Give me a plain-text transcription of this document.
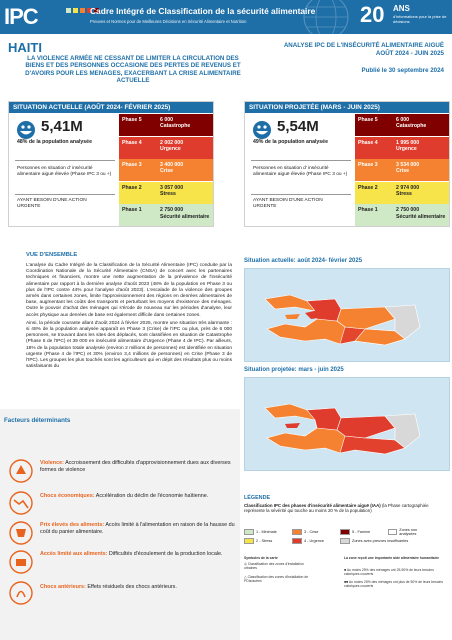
IPC	Cadre Intégré de Classification de la sécurité alimentaire
Preuves et Normes pour de Meilleures Décisions en Sécurité Alimentaire et Nutrition	20 ANS
d'informations pour la prise de décisions
HAITI
LA VIOLENCE ARMÉE NE CESSANT DE LIMITER LA CIRCULATION DES BIENS ET DES PERSONNES OCCASIONE DES PERTES DE REVENUS ET D'AVOIRS POUR LES MENAGES, EXACERBANT LA CRISE ALIMENTAIRE ACTUELLE
ANALYSE IPC DE L'INSÉCURITÉ ALIMENTAIRE AIGUË
AOÛT 2024 - JUIN 2025
Publié le 30 septembre 2024
SITUATION ACTUELLE (AOÛT 2024- FÉVRIER 2025)
5,41M
48% de la population analysée
Personnes en situation d' insécurité alimentaire aiguë élevée (Phase IPC 3 ou +)
AYANT BESOIN D'UNE ACTION URGENTE
Phase 5	6 000
Catastrophe
Phase 4	2 002 000
Urgence
Phase 3	3 400 000
Crise
Phase 2	3 057 000
Stress
Phase 1	2 750 000
Sécurité alimentaire
SITUATION PROJETÉE (MARS - JUIN 2025)
5,54M
49% de la population analysée
Personnes en situation d' insécurité alimentaire aiguë élevée (Phase IPC 3 ou +)
AYANT BESOIN D'UNE ACTION URGENTE
Phase 5	6 000
Catastrophe
Phase 4	1 995 000
Urgence
Phase 3	3 534 000
Crise
Phase 2	2 974 000
Stress
Phase 1	2 750 000
Sécurité alimentaire
VUE D'ENSEMBLE

L'analyse du Cadre Intégré de la Classification de la Sécurité Alimentaire (IPC) conduite par la Coordination Nationale de la Sécurité Alimentaire (CNSA) de concert avec les partenaires techniques et financiers, montre une nette augmentation de la prévalence de l'insécurité alimentaire par rapport à la dernière analyse d'août 2023 (48% de la population en Phase 3 ou plus de l'IPC contre 44% pour l'analyse d'août 2023). L'escalade de la violence des groupes armés dans certaines zones, limite l'approvisionnement des régions en denrées alimentaires de base, augmentant les coûts des transports et perturbant les moyens d'existence des ménages. Outre le pouvoir d'achat des ménages qui s'érode de nouveau sur les périodes d'analyse, leur accès physique aux denrées de base est également difficile dans certaines zones.

Ainsi, la période courante allant d'août 2024 à février 2025, montre une situation très alarmante : si 48% de la population analysée apparaît en Phase 3 (Crise) de l'IPC ou plus, près de 6 000 personnes, se trouvant dans les sites des déplacés, sont classifiées en situation de Catastrophe (Phase 5 de l'IPC) et 39 000 en insécurité alimentaire d'Urgence (Phase 4 de IPC). Par ailleurs, 18% de la population totale analysée (environ 2 millions de personnes) est identifiée en situation urgente (Phase 4 de l'IPC) et 30% (environ 3,4 millions de personnes) en Crise (Phase 3 de l'IPC). Les groupes les plus touchés sont les agriculteurs qui en dépit des résultats plus ou moins satisfaisants du

Facteurs déterminants
Violence: Accroissement des difficultés d'approvisionnement dues aux diverses formes de violence
Chocs économiques: Accélération du déclin de l'économie haïtienne.
Prix élevés des aliments: Accès limité à l'alimentation en raison de la hausse du coût du panier alimentaire.
Accès limité aux aliments: Difficultés d'écoulement de la production locale.
Chocs antérieurs: Effets résiduels des chocs antérieurs.
Situation actuelle: août 2024- février 2025
Situation projetée: mars - juin 2025
LÉGENDE
Classification IPC des phases d'insécurité alimentaire aiguë (IAA) (la Phase cartographiée représente la sévérité qui touche au moins 20 % de la population)
1 - Minimale	3 - Crise	5 - Famine	Zones non analysées
2 - Stress	4 - Urgence	Zones avec preuves insuffisantes
Symboles de la carte
◎ Classification des zones d'installation urbaines
△ Classification des zones d'installation de PDIs/autres
La zone reçoit une importante aide alimentaire humanitaire
■ Au moins 25% des ménages ont 25-50% de leurs besoins caloriques couverts
■■ Au moins 25% des ménages ont plus de 50% de leurs besoins caloriques couverts
